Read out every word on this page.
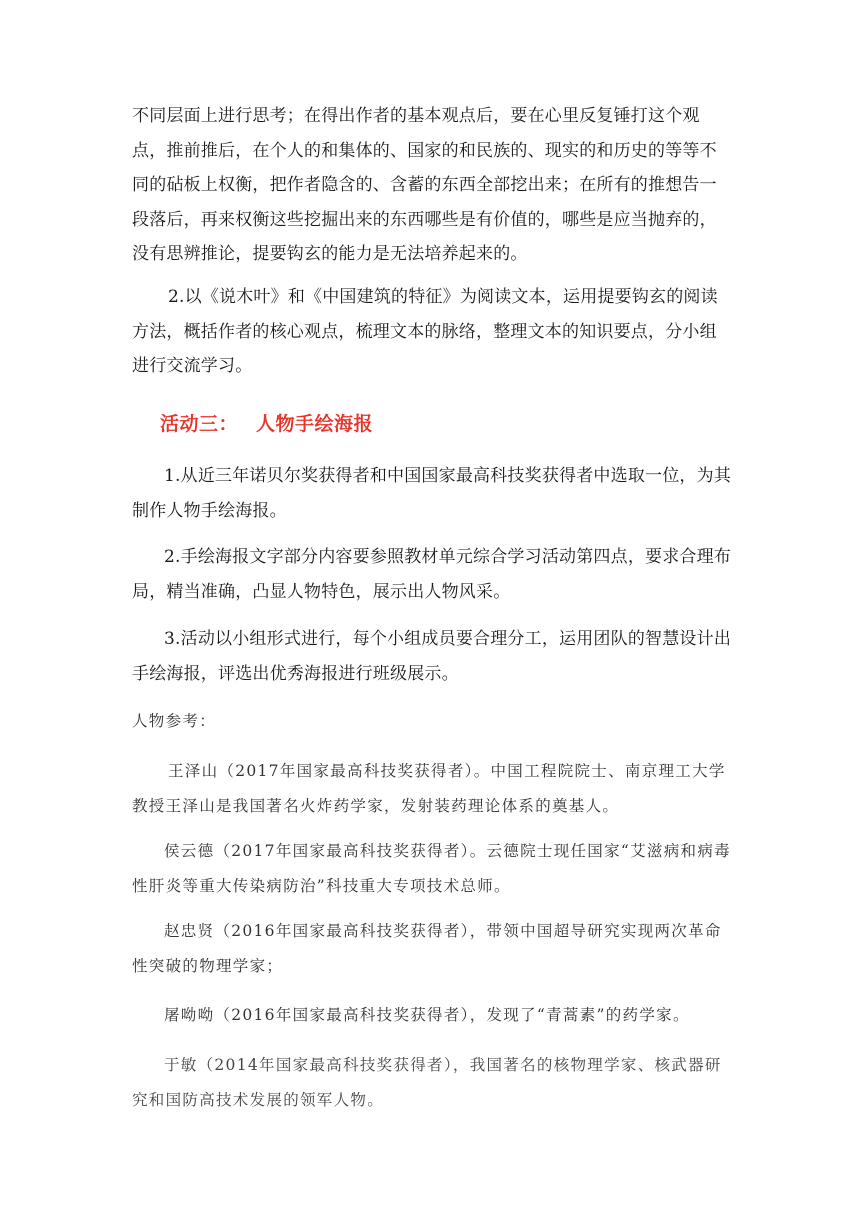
不同层面上进行思考；在得出作者的基本观点后，要在心里反复锤打这个观点，推前推后，在个人的和集体的、国家的和民族的、现实的和历史的等等不同的砧板上权衡，把作者隐含的、含蓄的东西全部挖出来；在所有的推想告一段落后，再来权衡这些挖掘出来的东西哪些是有价值的，哪些是应当抛弃的，没有思辨推论，提要钩玄的能力是无法培养起来的。

2.以《说木叶》和《中国建筑的特征》为阅读文本，运用提要钩玄的阅读方法，概括作者的核心观点，梳理文本的脉络，整理文本的知识要点，分小组进行交流学习。

活动三： 人物手绘海报

1.从近三年诺贝尔奖获得者和中国国家最高科技奖获得者中选取一位，为其制作人物手绘海报。

2.手绘海报文字部分内容要参照教材单元综合学习活动第四点，要求合理布局，精当准确，凸显人物特色，展示出人物风采。

3.活动以小组形式进行，每个小组成员要合理分工，运用团队的智慧设计出手绘海报，评选出优秀海报进行班级展示。

人物参考：

王泽山（2017年国家最高科技奖获得者）。中国工程院院士、南京理工大学教授王泽山是我国著名火炸药学家，发射装药理论体系的奠基人。

侯云德（2017年国家最高科技奖获得者）。云德院士现任国家“艾滋病和病毒性肝炎等重大传染病防治”科技重大专项技术总师。

赵忠贤（2016年国家最高科技奖获得者），带领中国超导研究实现两次革命性突破的物理学家；

屠呦呦（2016年国家最高科技奖获得者），发现了“青蒿素”的药学家。

于敏（2014年国家最高科技奖获得者），我国著名的核物理学家、核武器研究和国防高技术发展的领军人物。
